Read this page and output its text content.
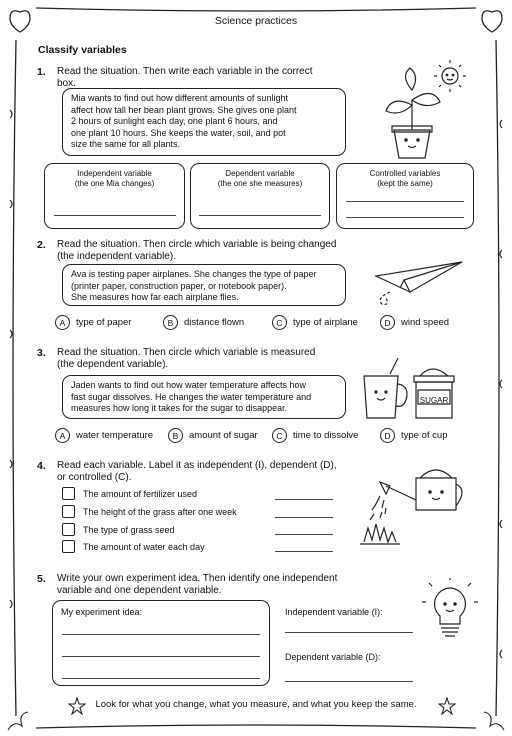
Science practices
Classify variables
1. Read the situation. Then write each variable in the correct
box.
Mia wants to find out how different amounts of sunlight
affect how tall her bean plant grows. She gives one plant
2 hours of sunlight each day, one plant 6 hours, and
one plant 10 hours. She keeps the water, soil, and pot
size the same for all plants.
Independent variable
(the one Mia changes)
Dependent variable
(the one she measures)
Controlled variables
(kept the same)
2. Read the situation. Then circle which variable is being changed
(the independent variable).
Ava is testing paper airplanes. She changes the type of paper
(printer paper, construction paper, or notebook paper).
She measures how far each airplane flies.
A	type of paper	B	distance flown	C	type of airplane	D	wind speed
3. Read the situation. Then circle which variable is measured
(the dependent variable).
Jaden wants to find out how water temperature affects how
fast sugar dissolves. He changes the water temperature and
measures how long it takes for the sugar to disappear.
SUGAR
A	water temperature	B	amount of sugar	C	time to dissolve	D	type of cup
4. Read each variable. Label it as independent (I), dependent (D),
or controlled (C).
The amount of fertilizer used
The height of the grass after one week
The type of grass seed
The amount of water each day
5. Write your own experiment idea. Then identify one independent
variable and one dependent variable.
My experiment idea:	Independent variable (I):
Dependent variable (D):
Look for what you change, what you measure, and what you keep the same.
